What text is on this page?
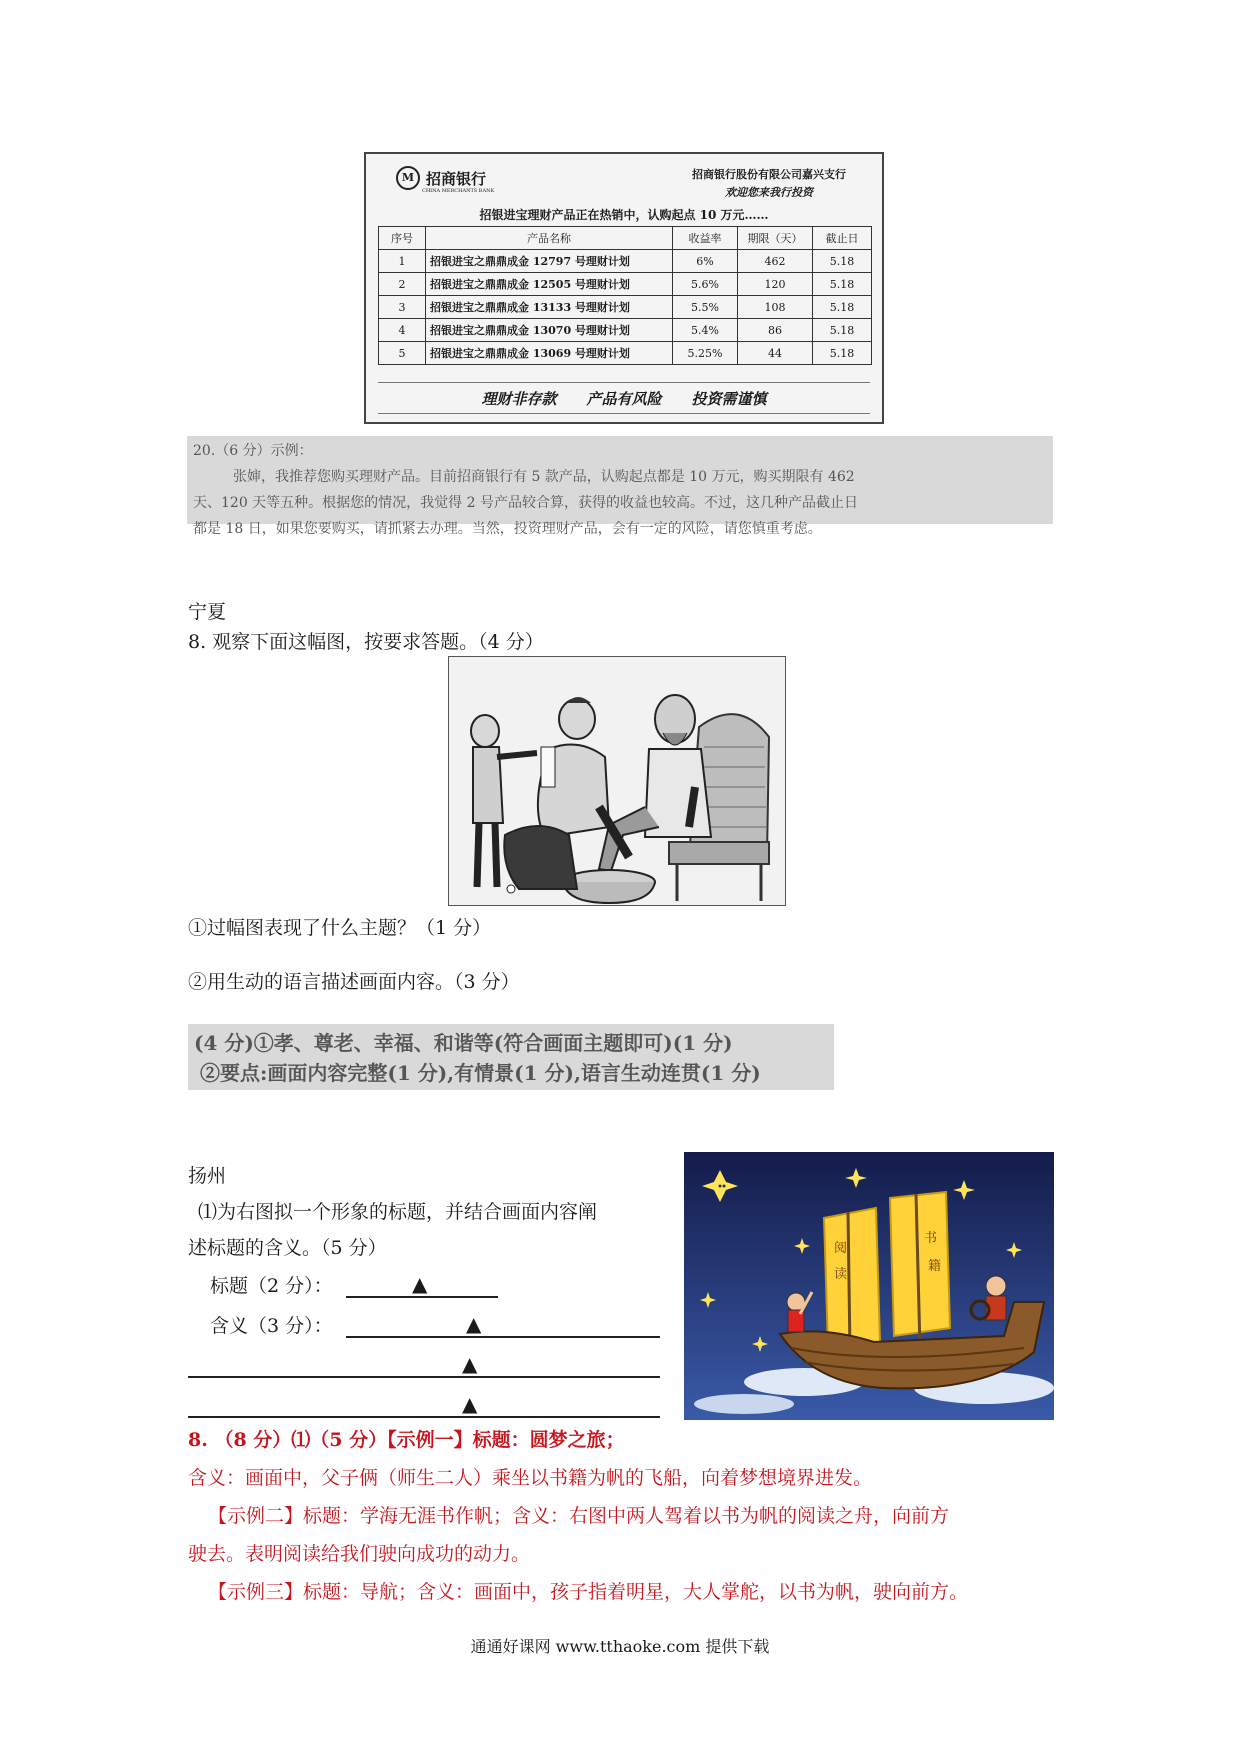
M 招商银行
CHINA MERCHANTS BANK
招商银行股份有限公司嘉兴支行
欢迎您来我行投资
招银进宝理财产品正在热销中，认购起点 10 万元……
序号	产品名称	收益率	期限（天）	截止日
1	招银进宝之鼎鼎成金 12797 号理财计划	6%	462	5.18
2	招银进宝之鼎鼎成金 12505 号理财计划	5.6%	120	5.18
3	招银进宝之鼎鼎成金 13133 号理财计划	5.5%	108	5.18
4	招银进宝之鼎鼎成金 13070 号理财计划	5.4%	86	5.18
5	招银进宝之鼎鼎成金 13069 号理财计划	5.25%	44	5.18
理财非存款 产品有风险 投资需谨慎
20.（6 分）示例：
张婶，我推荐您购买理财产品。目前招商银行有 5 款产品，认购起点都是 10 万元，购买期限有 462
天、120 天等五种。根据您的情况，我觉得 2 号产品较合算，获得的收益也较高。不过，这几种产品截止日
都是 18 日，如果您要购买，请抓紧去办理。当然，投资理财产品，会有一定的风险，请您慎重考虑。
宁夏
8. 观察下面这幅图，按要求答题。（4 分）
①过幅图表现了什么主题？（1 分）
②用生动的语言描述画面内容。（3 分）
(4 分)①孝、尊老、幸福、和谐等(符合画面主题即可)(1 分)
②要点:画面内容完整(1 分),有情景(1 分),语言生动连贯(1 分)
扬州
⑴为右图拟一个形象的标题，并结合画面内容阐
述标题的含义。（5 分）
标题（2 分）：	▲
含义（3 分）：	▲
▲
▲
阅
读
书
籍
8. （8 分）⑴（5 分）【示例一】标题：圆梦之旅；
含义：画面中，父子俩（师生二人）乘坐以书籍为帆的飞船，向着梦想境界进发。
【示例二】标题：学海无涯书作帆；含义：右图中两人驾着以书为帆的阅读之舟，向前方
驶去。表明阅读给我们驶向成功的动力。
【示例三】标题：导航；含义：画面中，孩子指着明星，大人掌舵，以书为帆，驶向前方。
通通好课网 www.tthaoke.com 提供下载
